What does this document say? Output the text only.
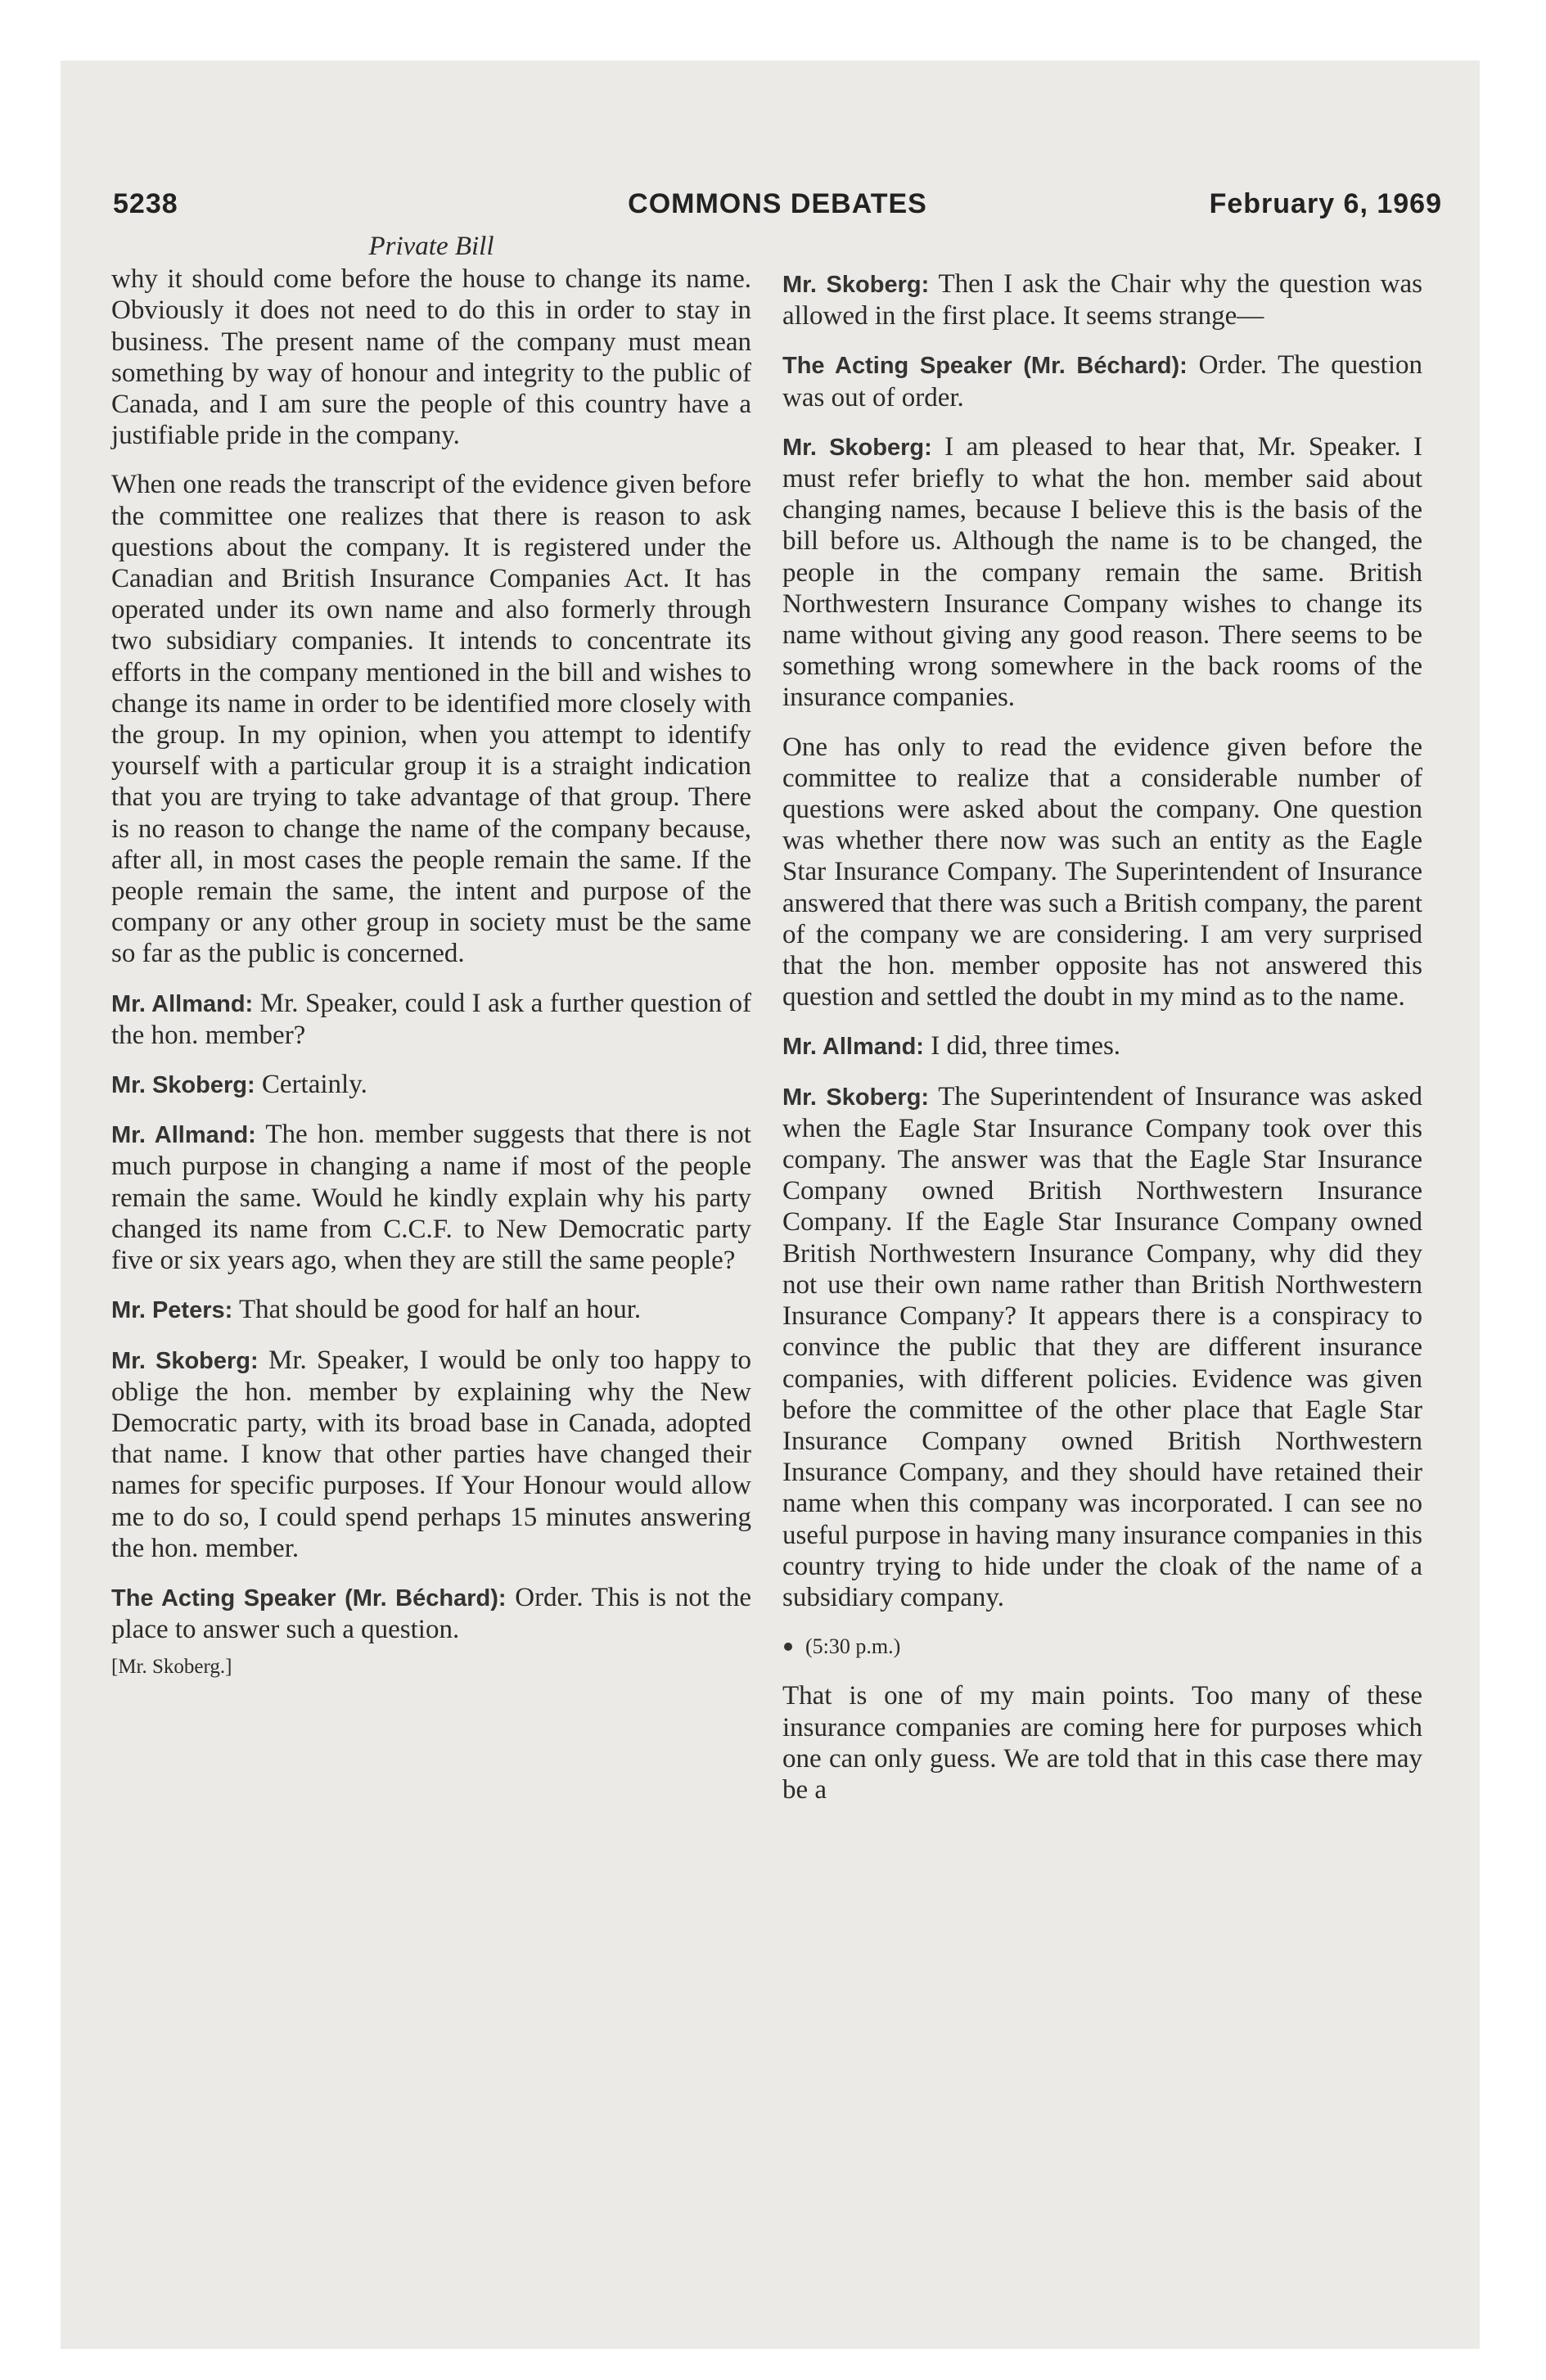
5238	COMMONS DEBATES	February 6, 1969
Private Bill

why it should come before the house to change its name. Obviously it does not need to do this in order to stay in business. The present name of the company must mean something by way of honour and integrity to the public of Canada, and I am sure the people of this country have a justifiable pride in the company.

When one reads the transcript of the evidence given before the committee one realizes that there is reason to ask questions about the company. It is registered under the Canadian and British Insurance Companies Act. It has operated under its own name and also formerly through two subsidiary companies. It intends to concentrate its efforts in the company mentioned in the bill and wishes to change its name in order to be identified more closely with the group. In my opinion, when you attempt to identify yourself with a particular group it is a straight indication that you are trying to take advantage of that group. There is no reason to change the name of the company because, after all, in most cases the people remain the same. If the people remain the same, the intent and purpose of the company or any other group in society must be the same so far as the public is concerned.

Mr. Allmand: Mr. Speaker, could I ask a further question of the hon. member?

Mr. Skoberg: Certainly.

Mr. Allmand: The hon. member suggests that there is not much purpose in changing a name if most of the people remain the same. Would he kindly explain why his party changed its name from C.C.F. to New Democratic party five or six years ago, when they are still the same people?

Mr. Peters: That should be good for half an hour.

Mr. Skoberg: Mr. Speaker, I would be only too happy to oblige the hon. member by explaining why the New Democratic party, with its broad base in Canada, adopted that name. I know that other parties have changed their names for specific purposes. If Your Honour would allow me to do so, I could spend perhaps 15 minutes answering the hon. member.

The Acting Speaker (Mr. Béchard): Order. This is not the place to answer such a question.

[Mr. Skoberg.]

Mr. Skoberg: Then I ask the Chair why the question was allowed in the first place. It seems strange—

The Acting Speaker (Mr. Béchard): Order. The question was out of order.

Mr. Skoberg: I am pleased to hear that, Mr. Speaker. I must refer briefly to what the hon. member said about changing names, because I believe this is the basis of the bill before us. Although the name is to be changed, the people in the company remain the same. British Northwestern Insurance Company wishes to change its name without giving any good reason. There seems to be something wrong somewhere in the back rooms of the insurance companies.

One has only to read the evidence given before the committee to realize that a considerable number of questions were asked about the company. One question was whether there now was such an entity as the Eagle Star Insurance Company. The Superintendent of Insurance answered that there was such a British company, the parent of the company we are considering. I am very surprised that the hon. member opposite has not answered this question and settled the doubt in my mind as to the name.

Mr. Allmand: I did, three times.

Mr. Skoberg: The Superintendent of Insurance was asked when the Eagle Star Insurance Company took over this company. The answer was that the Eagle Star Insurance Company owned British Northwestern Insurance Company. If the Eagle Star Insurance Company owned British Northwestern Insurance Company, why did they not use their own name rather than British Northwestern Insurance Company? It appears there is a conspiracy to convince the public that they are different insurance companies, with different policies. Evidence was given before the committee of the other place that Eagle Star Insurance Company owned British Northwestern Insurance Company, and they should have retained their name when this company was incorporated. I can see no useful purpose in having many insurance companies in this country trying to hide under the cloak of the name of a subsidiary company.

(5:30 p.m.)

That is one of my main points. Too many of these insurance companies are coming here for purposes which one can only guess. We are told that in this case there may be a
